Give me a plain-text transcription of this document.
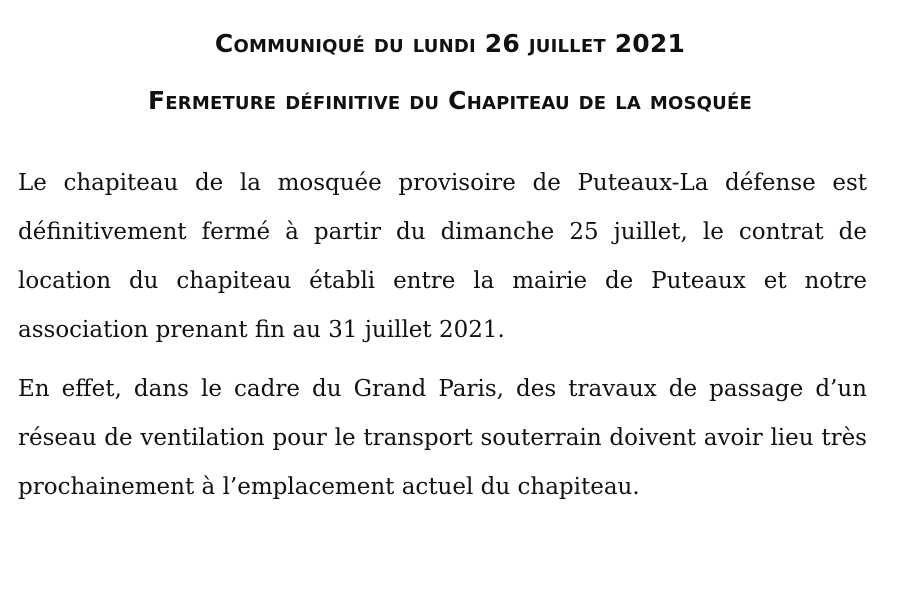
Communiqué du lundi 26 juillet 2021
Fermeture définitive du Chapiteau de la mosquée

Le chapiteau de la mosquée provisoire de Puteaux-La défense est définitivement fermé à partir du dimanche 25 juillet, le contrat de location du chapiteau établi entre la mairie de Puteaux et notre association prenant fin au 31 juillet 2021.

En effet, dans le cadre du Grand Paris, des travaux de passage d’un réseau de ventilation pour le transport souterrain doivent avoir lieu très prochainement à l’emplacement actuel du chapiteau.
